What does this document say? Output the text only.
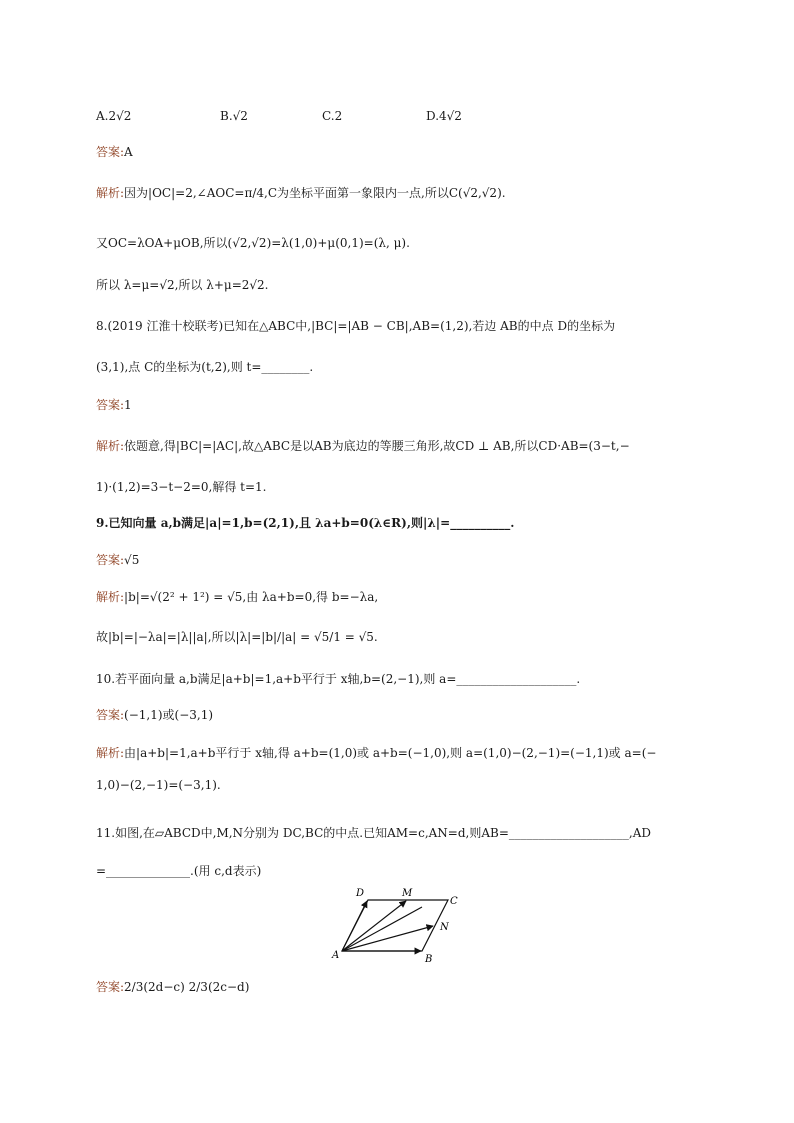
A.2√2	B.√2	C.2	D.4√2
答案:A
解析:因为|OC|=2,∠AOC=π/4,C为坐标平面第一象限内一点,所以C(√2,√2).
又OC=λOA+μOB,所以(√2,√2)=λ(1,0)+μ(0,1)=(λ, μ).
所以 λ=μ=√2,所以 λ+μ=2√2.
8.(2019 江淮十校联考)已知在△ABC中,|BC|=|AB − CB|,AB=(1,2),若边 AB的中点 D的坐标为
(3,1),点 C的坐标为(t,2),则 t=________.
答案:1
解析:依题意,得|BC|=|AC|,故△ABC是以AB为底边的等腰三角形,故CD ⊥ AB,所以CD·AB=(3−t,−
1)·(1,2)=3−t−2=0,解得 t=1.
9.已知向量 a,b满足|a|=1,b=(2,1),且 λa+b=0(λ∈R),则|λ|=__________.
答案:√5
解析:|b|=√(2² + 1²) = √5,由 λa+b=0,得 b=−λa,
故|b|=|−λa|=|λ||a|,所以|λ|=|b|/|a| = √5/1 = √5.
10.若平面向量 a,b满足|a+b|=1,a+b平行于 x轴,b=(2,−1),则 a=____________________.
答案:(−1,1)或(−3,1)
解析:由|a+b|=1,a+b平行于 x轴,得 a+b=(1,0)或 a+b=(−1,0),则 a=(1,0)−(2,−1)=(−1,1)或 a=(−
1,0)−(2,−1)=(−3,1).
11.如图,在▱ABCD中,M,N分别为 DC,BC的中点.已知AM=c,AN=d,则AB=____________________,AD
=______________.(用 c,d表示)
A	B
C
D	M
N
答案:2/3(2d−c) 2/3(2c−d)
